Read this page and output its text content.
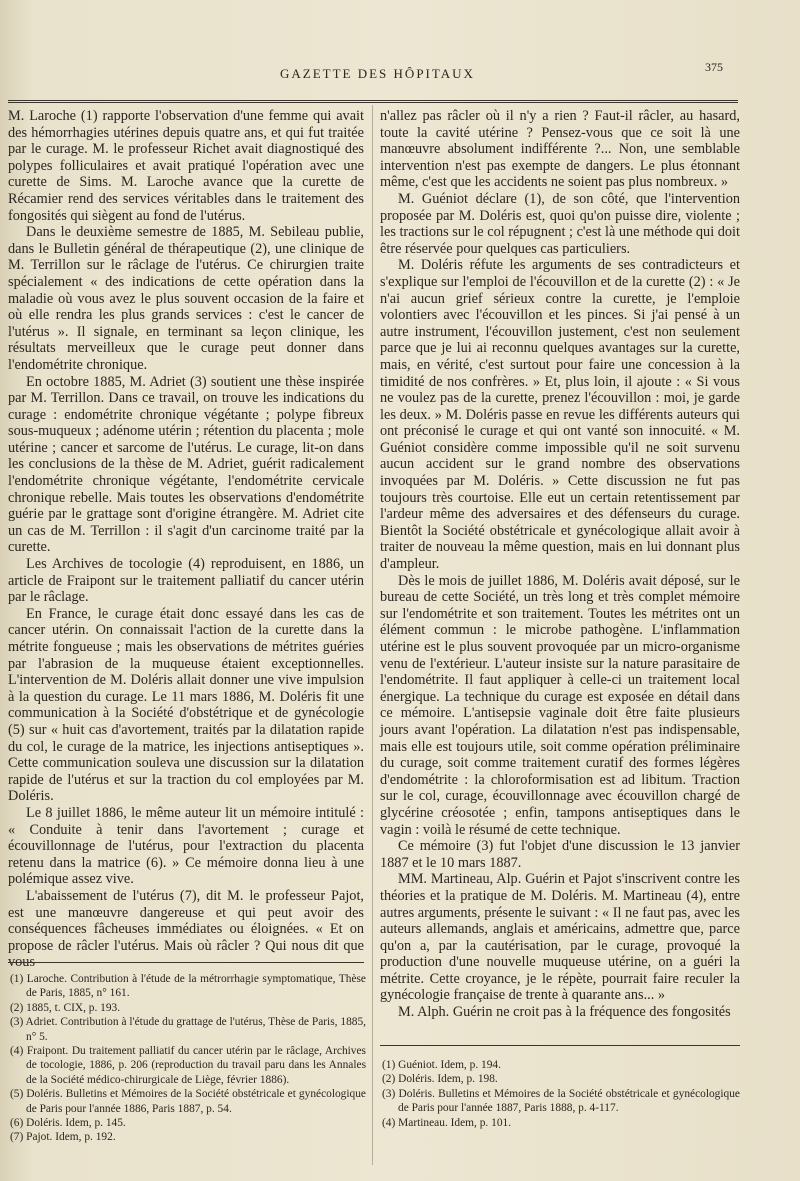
GAZETTE DES HÔPITAUX	375

M. Laroche (1) rapporte l'observation d'une femme qui avait des hémorrhagies utérines depuis quatre ans, et qui fut traitée par le curage. M. le professeur Richet avait diagnostiqué des polypes folliculaires et avait pratiqué l'opération avec une curette de Sims. M. Laroche avance que la curette de Récamier rend des services véritables dans le traitement des fongosités qui siègent au fond de l'utérus.

Dans le deuxième semestre de 1885, M. Sebileau publie, dans le Bulletin général de thérapeutique (2), une clinique de M. Terrillon sur le râclage de l'utérus. Ce chirurgien traite spécialement « des indications de cette opération dans la maladie où vous avez le plus souvent occasion de la faire et où elle rendra les plus grands services : c'est le cancer de l'utérus ». Il signale, en terminant sa leçon clinique, les résultats merveilleux que le curage peut donner dans l'endométrite chronique.

En octobre 1885, M. Adriet (3) soutient une thèse inspirée par M. Terrillon. Dans ce travail, on trouve les indications du curage : endométrite chronique végétante ; polype fibreux sous-muqueux ; adénome utérin ; rétention du placenta ; mole utérine ; cancer et sarcome de l'utérus. Le curage, lit-on dans les conclusions de la thèse de M. Adriet, guérit radicalement l'endométrite chronique végétante, l'endométrite cervicale chronique rebelle. Mais toutes les observations d'endométrite guérie par le grattage sont d'origine étrangère. M. Adriet cite un cas de M. Terrillon : il s'agit d'un carcinome traité par la curette.

Les Archives de tocologie (4) reproduisent, en 1886, un article de Fraipont sur le traitement palliatif du cancer utérin par le râclage.

En France, le curage était donc essayé dans les cas de cancer utérin. On connaissait l'action de la curette dans la métrite fongueuse ; mais les observations de métrites guéries par l'abrasion de la muqueuse étaient exceptionnelles. L'intervention de M. Doléris allait donner une vive impulsion à la question du curage. Le 11 mars 1886, M. Doléris fit une communication à la Société d'obstétrique et de gynécologie (5) sur « huit cas d'avortement, traités par la dilatation rapide du col, le curage de la matrice, les injections antiseptiques ». Cette communication souleva une discussion sur la dilatation rapide de l'utérus et sur la traction du col employées par M. Doléris.

Le 8 juillet 1886, le même auteur lit un mémoire intitulé : « Conduite à tenir dans l'avortement ; curage et écouvillonnage de l'utérus, pour l'extraction du placenta retenu dans la matrice (6). » Ce mémoire donna lieu à une polémique assez vive.

L'abaissement de l'utérus (7), dit M. le professeur Pajot, est une manœuvre dangereuse et qui peut avoir des conséquences fâcheuses immédiates ou éloignées. « Et on propose de râcler l'utérus. Mais où râcler ? Qui nous dit que vous

n'allez pas râcler où il n'y a rien ? Faut-il râcler, au hasard, toute la cavité utérine ? Pensez-vous que ce soit là une manœuvre absolument indifférente ?... Non, une semblable intervention n'est pas exempte de dangers. Le plus étonnant même, c'est que les accidents ne soient pas plus nombreux. »

M. Guéniot déclare (1), de son côté, que l'intervention proposée par M. Doléris est, quoi qu'on puisse dire, violente ; les tractions sur le col répugnent ; c'est là une méthode qui doit être réservée pour quelques cas particuliers.

M. Doléris réfute les arguments de ses contradicteurs et s'explique sur l'emploi de l'écouvillon et de la curette (2) : « Je n'ai aucun grief sérieux contre la curette, je l'emploie volontiers avec l'écouvillon et les pinces. Si j'ai pensé à un autre instrument, l'écouvillon justement, c'est non seulement parce que je lui ai reconnu quelques avantages sur la curette, mais, en vérité, c'est surtout pour faire une concession à la timidité de nos confrères. » Et, plus loin, il ajoute : « Si vous ne voulez pas de la curette, prenez l'écouvillon : moi, je garde les deux. » M. Doléris passe en revue les différents auteurs qui ont préconisé le curage et qui ont vanté son innocuité. « M. Guéniot considère comme impossible qu'il ne soit survenu aucun accident sur le grand nombre des observations invoquées par M. Doléris. » Cette discussion ne fut pas toujours très courtoise. Elle eut un certain retentissement par l'ardeur même des adversaires et des défenseurs du curage. Bientôt la Société obstétricale et gynécologique allait avoir à traiter de nouveau la même question, mais en lui donnant plus d'ampleur.

Dès le mois de juillet 1886, M. Doléris avait déposé, sur le bureau de cette Société, un très long et très complet mémoire sur l'endométrite et son traitement. Toutes les métrites ont un élément commun : le microbe pathogène. L'inflammation utérine est le plus souvent provoquée par un micro-organisme venu de l'extérieur. L'auteur insiste sur la nature parasitaire de l'endométrite. Il faut appliquer à celle-ci un traitement local énergique. La technique du curage est exposée en détail dans ce mémoire. L'antisepsie vaginale doit être faite plusieurs jours avant l'opération. La dilatation n'est pas indispensable, mais elle est toujours utile, soit comme opération préliminaire du curage, soit comme traitement curatif des formes légères d'endométrite : la chloroformisation est ad libitum. Traction sur le col, curage, écouvillonnage avec écouvillon chargé de glycérine créosotée ; enfin, tampons antiseptiques dans le vagin : voilà le résumé de cette technique.

Ce mémoire (3) fut l'objet d'une discussion le 13 janvier 1887 et le 10 mars 1887.

MM. Martineau, Alp. Guérin et Pajot s'inscrivent contre les théories et la pratique de M. Doléris. M. Martineau (4), entre autres arguments, présente le suivant : « Il ne faut pas, avec les auteurs allemands, anglais et américains, admettre que, parce qu'on a, par la cautérisation, par le curage, provoqué la production d'une nouvelle muqueuse utérine, on a guéri la métrite. Cette croyance, je le répète, pourrait faire reculer la gynécologie française de trente à quarante ans... »

M. Alph. Guérin ne croit pas à la fréquence des fongosités

(1) Laroche. Contribution à l'étude de la métrorrhagie symptomatique, Thèse de Paris, 1885, n° 161.

(2) 1885, t. CIX, p. 193.

(3) Adriet. Contribution à l'étude du grattage de l'utérus, Thèse de Paris, 1885, n° 5.

(4) Fraipont. Du traitement palliatif du cancer utérin par le râclage, Archives de tocologie, 1886, p. 206 (reproduction du travail paru dans les Annales de la Société médico-chirurgicale de Liège, février 1886).

(5) Doléris. Bulletins et Mémoires de la Société obstétricale et gynécologique de Paris pour l'année 1886, Paris 1887, p. 54.

(6) Doléris. Idem, p. 145.

(7) Pajot. Idem, p. 192.

(1) Guéniot. Idem, p. 194.

(2) Doléris. Idem, p. 198.

(3) Doléris. Bulletins et Mémoires de la Société obstétricale et gynécologique de Paris pour l'année 1887, Paris 1888, p. 4-117.

(4) Martineau. Idem, p. 101.
